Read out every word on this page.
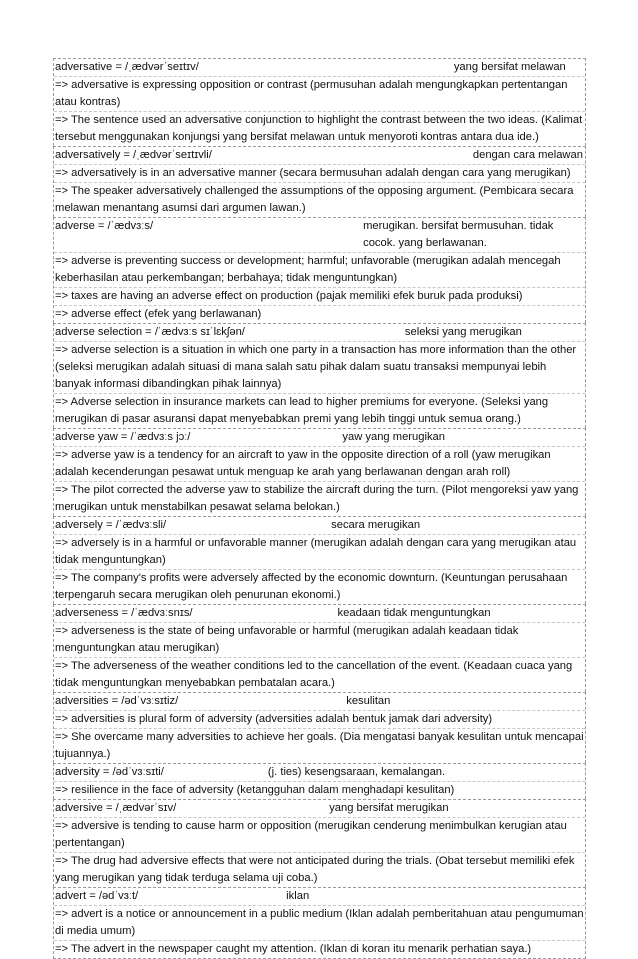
adversative = /ˌædvərˈseɪtɪv/	yang bersifat melawan
=> adversative is expressing opposition or contrast (permusuhan adalah mengungkapkan pertentangan atau kontras)
=> The sentence used an adversative conjunction to highlight the contrast between the two ideas. (Kalimat tersebut menggunakan konjungsi yang bersifat melawan untuk menyoroti kontras antara dua ide.)
adversatively = /ˌædvərˈseɪtɪvli/	dengan cara melawan
=> adversatively is in an adversative manner (secara bermusuhan adalah dengan cara yang merugikan)
=> The speaker adversatively challenged the assumptions of the opposing argument. (Pembicara secara melawan menantang asumsi dari argumen lawan.)
adverse = /ˈædvɜːs/	merugikan. bersifat bermusuhan. tidak cocok. yang berlawanan.
=> adverse is preventing success or development; harmful; unfavorable (merugikan adalah mencegah keberhasilan atau perkembangan; berbahaya; tidak menguntungkan)
=> taxes are having an adverse effect on production (pajak memiliki efek buruk pada produksi)
=> adverse effect (efek yang berlawanan)
adverse selection = /ˈædvɜːs sɪˈlɛkʃən/	seleksi yang merugikan
=> adverse selection is a situation in which one party in a transaction has more information than the other (seleksi merugikan adalah situasi di mana salah satu pihak dalam suatu transaksi mempunyai lebih banyak informasi dibandingkan pihak lainnya)
=> Adverse selection in insurance markets can lead to higher premiums for everyone. (Seleksi yang merugikan di pasar asuransi dapat menyebabkan premi yang lebih tinggi untuk semua orang.)
adverse yaw = /ˈædvɜːs jɔː/	yaw yang merugikan
=> adverse yaw is a tendency for an aircraft to yaw in the opposite direction of a roll (yaw merugikan adalah kecenderungan pesawat untuk menguap ke arah yang berlawanan dengan arah roll)
=> The pilot corrected the adverse yaw to stabilize the aircraft during the turn. (Pilot mengoreksi yaw yang merugikan untuk menstabilkan pesawat selama belokan.)
adversely = /ˈædvɜːsli/	secara merugikan
=> adversely is in a harmful or unfavorable manner (merugikan adalah dengan cara yang merugikan atau tidak menguntungkan)
=> The company's profits were adversely affected by the economic downturn. (Keuntungan perusahaan terpengaruh secara merugikan oleh penurunan ekonomi.)
adverseness = /ˈædvɜːsnɪs/	keadaan tidak menguntungkan
=> adverseness is the state of being unfavorable or harmful (merugikan adalah keadaan tidak menguntungkan atau merugikan)
=> The adverseness of the weather conditions led to the cancellation of the event. (Keadaan cuaca yang tidak menguntungkan menyebabkan pembatalan acara.)
adversities = /ədˈvɜːsɪtiz/	kesulitan
=> adversities is plural form of adversity (adversities adalah bentuk jamak dari adversity)
=> She overcame many adversities to achieve her goals. (Dia mengatasi banyak kesulitan untuk mencapai tujuannya.)
adversity = /ədˈvɜːsɪti/	(j. ties) kesengsaraan, kemalangan.
=> resilience in the face of adversity (ketangguhan dalam menghadapi kesulitan)
adversive = /ˌædvərˈsɪv/	yang bersifat merugikan
=> adversive is tending to cause harm or opposition (merugikan cenderung menimbulkan kerugian atau pertentangan)
=> The drug had adversive effects that were not anticipated during the trials. (Obat tersebut memiliki efek yang merugikan yang tidak terduga selama uji coba.)
advert = /ədˈvɜːt/	iklan
=> advert is a notice or announcement in a public medium (Iklan adalah pemberitahuan atau pengumuman di media umum)
=> The advert in the newspaper caught my attention. (Iklan di koran itu menarik perhatian saya.)
